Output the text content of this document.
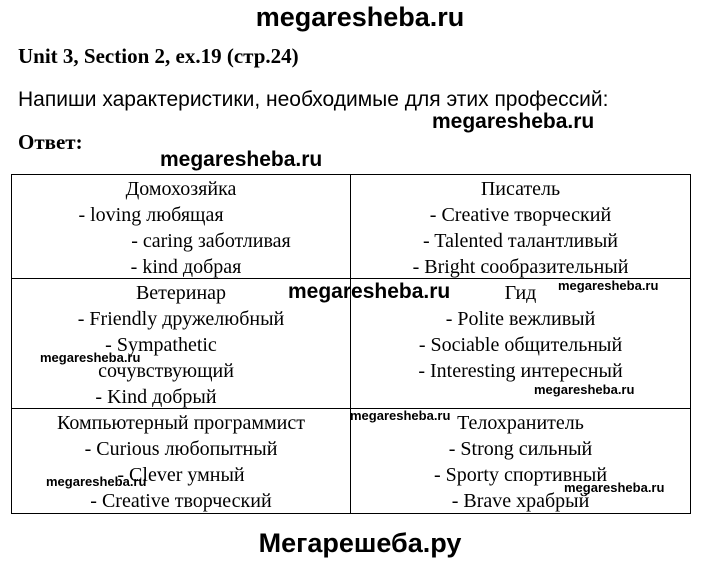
megaresheba.ru
Unit 3, Section 2, ex.19 (стр.24)
Напиши характеристики, необходимые для этих профессий:
Ответ:
Домохозяйка
- loving любящая
- caring заботливая
- kind добрая
Писатель
- Creative творческий
- Talented талантливый
- Bright сообразительный
Ветеринар
- Friendly дружелюбный
- Sympathetic
сочувствующий
- Kind добрый
Гид
- Polite вежливый
- Sociable общительный
- Interesting интересный
Компьютерный программист
- Curious любопытный
- Clever умный
- Creative творческий
Телохранитель
- Strong сильный
- Sporty спортивный
- Brave храбрый
megaresheba.ru
megaresheba.ru
megaresheba.ru	megaresheba.ru
megaresheba.ru
megaresheba.ru
megaresheba.ru
megaresheba.ru	megaresheba.ru
Мегарешеба.ру
